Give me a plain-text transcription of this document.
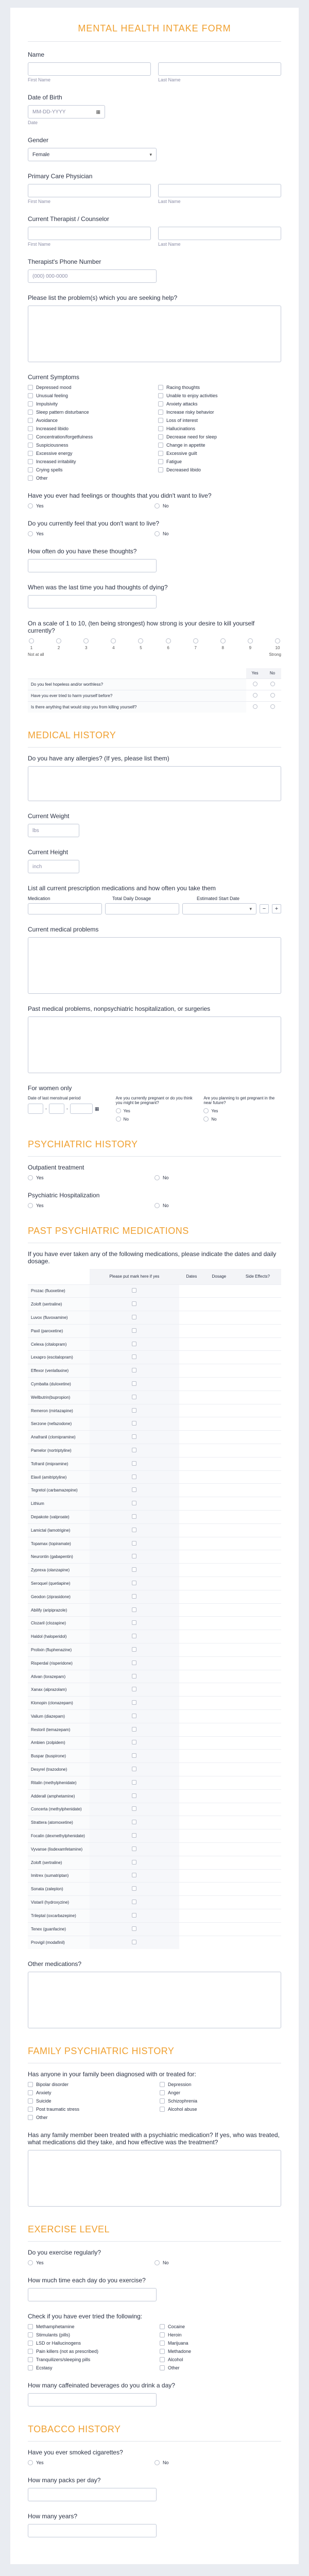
MENTAL HEALTH INTAKE FORM
Name
First Name	Last Name
Date of Birth
MM-DD-YYYY	▦
Date
Gender
Female	▾
Primary Care Physician
First Name	Last Name
Current Therapist / Counselor
First Name	Last Name
Therapist's Phone Number
(000) 000-0000
Please list the problem(s) which you are seeking help?
Current Symptoms
Depressed mood	Racing thoughts
Unusual feeling	Unable to enjoy activities
Impulsivity	Anxiety attacks
Sleep pattern disturbance	Increase risky behavior
Avoidance	Loss of interest
Increased libido	Hallucinations
Concentration/forgetfulness	Decrease need for sleep
Suspiciousness	Change in appetite
Excessive energy	Excessive guilt
Increased irritability	Fatigue
Crying spells	Decreased libido
Other
Have you ever had feelings or thoughts that you didn't want to live?
Yes	No
Do you currently feel that you don't want to live?
Yes	No
How often do you have these thoughts?
When was the last time you had thoughts of dying?
On a scale of 1 to 10, (ten being strongest) how strong is your desire to kill yourself currently?
1	2	3	4	5	6	7	8	9	10
Not at all	Strong
	Yes	No
Do you feel hopeless and/or worthless?		
Have you ever tried to harm yourself before?		
Is there anything that would stop you from killing yourself?		
MEDICAL HISTORY
Do you have any allergies? (If yes, please list them)
Current Weight
lbs
Current Height
inch
List all current prescription medications and how often you take them
Medication	Total Daily Dosage	Estimated Start Date
▾	−	+
Current medical problems
Past medical problems, nonpsychiatric hospitalization, or surgeries
For women only
Date of last menstrual period
-	-	▦
Are you currently pregnant or do you think you might be pregnant?
Yes
No
Are you planning to get pregnant in the near future?
Yes
No
PSYCHIATRIC HISTORY
Outpatient treatment
Yes	No
Psychiatric Hospitalization
Yes	No
PAST PSYCHIATRIC MEDICATIONS
If you have ever taken any of the following medications, please indicate the dates and daily dosage.
	Please put mark here if yes	Dates	Dosage	Side Effects?
Prozac (fluoxetine)				
Zoloft (sertraline)				
Luvox (fluvoxamine)				
Paxil (paroxetine)				
Celexa (citalopram)				
Lexapro (escitalopram)				
Effexor (venlafaxine)				
Cymbalta (duloxetine)				
Wellbutrin(bupropion)				
Remeron (mirtazapine)				
Serzone (nefazodone)				
Anafranil (clomipramine)				
Pamelor (nortriptyline)				
Tofranil (imipramine)				
Elavil (amitriptyline)				
Tegretol (carbamazepine)				
Lithium				
Depakote (valproate)				
Lamictal (lamotrigine)				
Topamax (topiramate)				
Neurontin (gabapentin)				
Zyprexa (olanzapine)				
Seroquel (quetiapine)				
Geodon (ziprasidone)				
Abilify (aripiprazole)				
Clozaril (clozapine)				
Haldol (haloperidol)				
Prolixin (fluphenazine)				
Risperdal (risperidone)				
Ativan (lorazepam)				
Xanax (alprazolam)				
Klonopin (clonazepam)				
Valium (diazepam)				
Restoril (temazepam)				
Ambien (zolpidem)				
Buspar (buspirone)				
Desyrel (trazodone)				
Ritalin (methylphenidate)				
Adderall (amphetamine)				
Concerta (methylphenidate)				
Strattera (atomoxetine)				
Focalin (dexmethylphenidate)				
Vyvanse (lisdexamfetamine)				
Zoloft (sertraline)				
Imitrex (sumatriptan)				
Sonata (zaleplon)				
Vistaril (hydroxyzine)				
Trileptal (oxcarbazepine)				
Tenex (guanfacine)				
Provigil (modafinil)				
Other medications?
FAMILY PSYCHIATRIC HISTORY
Has anyone in your family been diagnosed with or treated for:
Bipolar disorder	Depression
Anxiety	Anger
Suicide	Schizophrenia
Post traumatic stress	Alcohol abuse
Other
Has any family member been treated with a psychiatric medication? If yes, who was treated, what medications did they take, and how effective was the treatment?
EXERCISE LEVEL
Do you exercise regularly?
Yes	No
How much time each day do you exercise?
Check if you have ever tried the following:
Methamphetamine	Cocaine
Stimulants (pills)	Heroin
LSD or Hallucinogens	Marijuana
Pain killers (not as prescribed)	Methadone
Tranquilizers/sleeping pills	Alcohol
Ecstasy	Other
How many caffeinated beverages do you drink a day?
TOBACCO HISTORY
Have you ever smoked cigarettes?
Yes	No
How many packs per day?
How many years?
